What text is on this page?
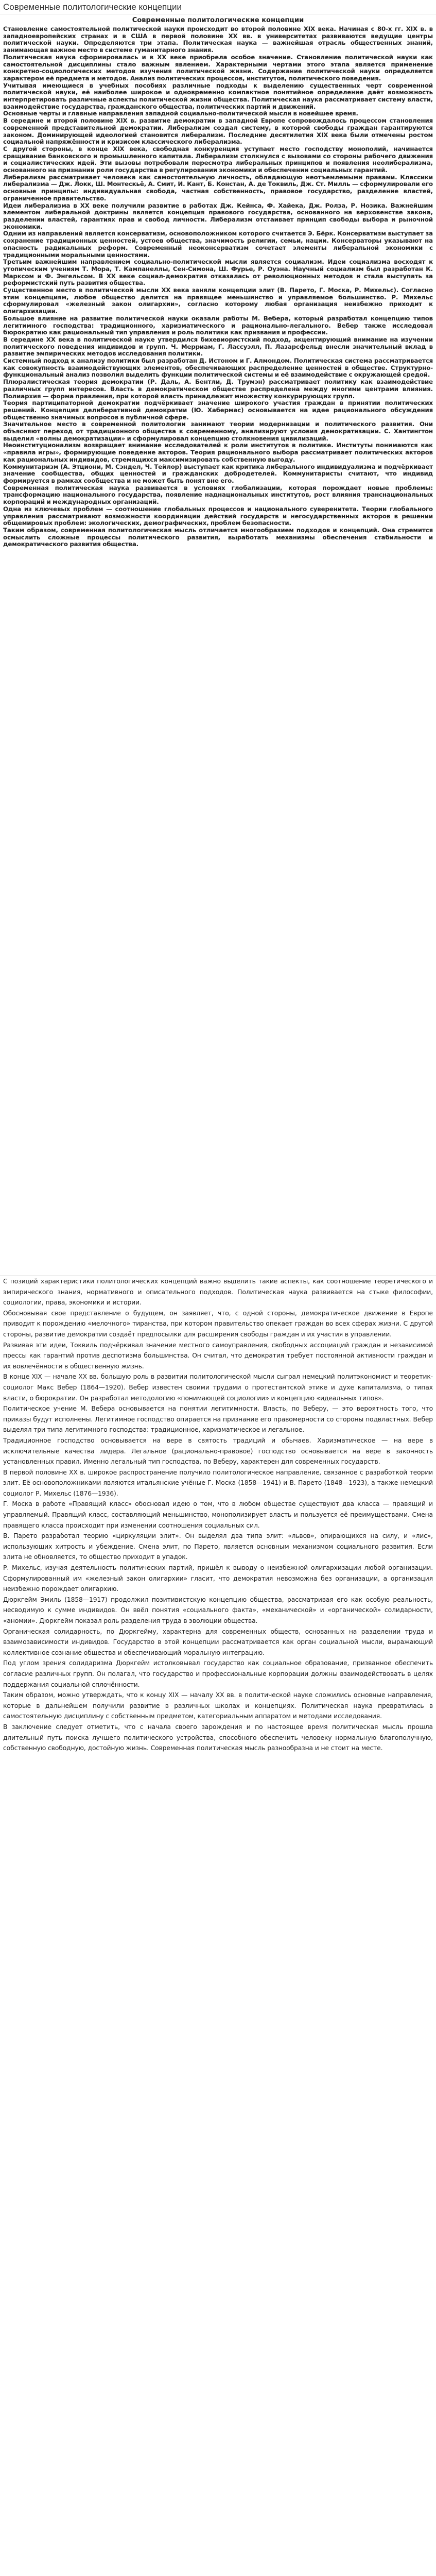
Современные политологические концепции
Современные политологические концепции

Становление самостоятельной политической науки происходит во второй половине XIX века. Начиная с 80-х гг. XIX в. в западноевропейских странах и в США в первой половине XX вв. в университетах развиваются ведущие центры политической науки. Определяются три этапа. Политическая наука — важнейшая отрасль общественных знаний, занимающая важное место в системе гуманитарного знания.

Политическая наука сформировалась и в XX веке приобрела особое значение. Становление политической науки как самостоятельной дисциплины стало важным явлением. Характерными чертами этого этапа является применение конкретно-социологических методов изучения политической жизни. Содержание политической науки определяется характером её предмета и методов. Анализ политических процессов, институтов, политического поведения.

Учитывая имеющиеся в учебных пособиях различные подходы к выделению существенных черт современной политической науки, её наиболее широкое и одновременно компактное понятийное определение даёт возможность интерпретировать различные аспекты политической жизни общества. Политическая наука рассматривает систему власти, взаимодействие государства, гражданского общества, политических партий и движений.

Основные черты и главные направления западной социально-политической мысли в новейшее время.

В середине и второй половине XIX в. развитие демократии в западной Европе сопровождалось процессом становления современной представительной демократии. Либерализм создал систему, в которой свободы граждан гарантируются законом. Доминирующей идеологией становится либерализм. Последние десятилетия XIX века были отмечены ростом социальной напряжённости и кризисом классического либерализма.

С другой стороны, в конце XIX века, свободная конкуренция уступает место господству монополий, начинается сращивание банковского и промышленного капитала. Либерализм столкнулся с вызовами со стороны рабочего движения и социалистических идей. Эти вызовы потребовали пересмотра либеральных принципов и появления неолиберализма, основанного на признании роли государства в регулировании экономики и обеспечении социальных гарантий.

Либерализм рассматривает человека как самостоятельную личность, обладающую неотъемлемыми правами. Классики либерализма — Дж. Локк, Ш. Монтескьё, А. Смит, И. Кант, Б. Констан, А. де Токвиль, Дж. Ст. Милль — сформулировали его основные принципы: индивидуальная свобода, частная собственность, правовое государство, разделение властей, ограниченное правительство.

Идеи либерализма в XX веке получили развитие в работах Дж. Кейнса, Ф. Хайека, Дж. Ролза, Р. Нозика. Важнейшим элементом либеральной доктрины является концепция правового государства, основанного на верховенстве закона, разделении властей, гарантиях прав и свобод личности. Либерализм отстаивает принцип свободы выбора и рыночной экономики.

Одним из направлений является консерватизм, основоположником которого считается Э. Бёрк. Консерватизм выступает за сохранение традиционных ценностей, устоев общества, значимость религии, семьи, нации. Консерваторы указывают на опасность радикальных реформ. Современный неоконсерватизм сочетает элементы либеральной экономики с традиционными моральными ценностями.

Третьим важнейшим направлением социально-политической мысли является социализм. Идеи социализма восходят к утопическим учениям Т. Мора, Т. Кампанеллы, Сен-Симона, Ш. Фурье, Р. Оуэна. Научный социализм был разработан К. Марксом и Ф. Энгельсом. В XX веке социал-демократия отказалась от революционных методов и стала выступать за реформистский путь развития общества.

Существенное место в политической мысли XX века заняли концепции элит (В. Парето, Г. Моска, Р. Михельс). Согласно этим концепциям, любое общество делится на правящее меньшинство и управляемое большинство. Р. Михельс сформулировал «железный закон олигархии», согласно которому любая организация неизбежно приходит к олигархизации.

Большое влияние на развитие политической науки оказали работы М. Вебера, который разработал концепцию типов легитимного господства: традиционного, харизматического и рационально-легального. Вебер также исследовал бюрократию как рациональный тип управления и роль политики как призвания и профессии.

В середине XX века в политической науке утвердился бихевиористский подход, акцентирующий внимание на изучении политического поведения индивидов и групп. Ч. Мерриам, Г. Лассуэлл, П. Лазарсфельд внесли значительный вклад в развитие эмпирических методов исследования политики.

Системный подход к анализу политики был разработан Д. Истоном и Г. Алмондом. Политическая система рассматривается как совокупность взаимодействующих элементов, обеспечивающих распределение ценностей в обществе. Структурно-функциональный анализ позволил выделить функции политической системы и её взаимодействие с окружающей средой.

Плюралистическая теория демократии (Р. Даль, А. Бентли, Д. Трумэн) рассматривает политику как взаимодействие различных групп интересов. Власть в демократическом обществе распределена между многими центрами влияния. Полиархия — форма правления, при которой власть принадлежит множеству конкурирующих групп.

Теория партиципаторной демократии подчёркивает значение широкого участия граждан в принятии политических решений. Концепция делиберативной демократии (Ю. Хабермас) основывается на идее рационального обсуждения общественно значимых вопросов в публичной сфере.

Значительное место в современной политологии занимают теории модернизации и политического развития. Они объясняют переход от традиционного общества к современному, анализируют условия демократизации. С. Хантингтон выделил «волны демократизации» и сформулировал концепцию столкновения цивилизаций.

Неоинституционализм возвращает внимание исследователей к роли институтов в политике. Институты понимаются как «правила игры», формирующие поведение акторов. Теория рационального выбора рассматривает политических акторов как рациональных индивидов, стремящихся максимизировать собственную выгоду.

Коммунитаризм (А. Этциони, М. Сэндел, Ч. Тейлор) выступает как критика либерального индивидуализма и подчёркивает значение сообщества, общих ценностей и гражданских добродетелей. Коммунитаристы считают, что индивид формируется в рамках сообщества и не может быть понят вне его.

Современная политическая наука развивается в условиях глобализации, которая порождает новые проблемы: трансформацию национального государства, появление наднациональных институтов, рост влияния транснациональных корпораций и международных организаций.

Одна из ключевых проблем — соотношение глобальных процессов и национального суверенитета. Теории глобального управления рассматривают возможности координации действий государств и негосударственных акторов в решении общемировых проблем: экологических, демографических, проблем безопасности.

Таким образом, современная политологическая мысль отличается многообразием подходов и концепций. Она стремится осмыслить сложные процессы политического развития, выработать механизмы обеспечения стабильности и демократического развития общества.

С позиций характеристики политологических концепций важно выделить такие аспекты, как соотношение теоретического и эмпирического знания, нормативного и описательного подходов. Политическая наука развивается на стыке философии, социологии, права, экономики и истории.

Обосновывая свое представление о будущем, он заявляет, что, с одной стороны, демократическое движение в Европе приводит к порождению «мелочного» тиранства, при котором правительство опекает граждан во всех сферах жизни. С другой стороны, развитие демократии создаёт предпосылки для расширения свободы граждан и их участия в управлении.

Развивая эти идеи, Токвиль подчёркивал значение местного самоуправления, свободных ассоциаций граждан и независимой прессы как гарантий против деспотизма большинства. Он считал, что демократия требует постоянной активности граждан и их вовлечённости в общественную жизнь.

В конце XIX — начале XX вв. большую роль в развитии политологической мысли сыграл немецкий политэкономист и теоретик-социолог Макс Вебер (1864—1920). Вебер известен своими трудами о протестантской этике и духе капитализма, о типах власти, о бюрократии. Он разработал методологию «понимающей социологии» и концепцию «идеальных типов».

Политическое учение М. Вебера основывается на понятии легитимности. Власть, по Веберу, — это вероятность того, что приказы будут исполнены. Легитимное господство опирается на признание его правомерности со стороны подвластных. Вебер выделял три типа легитимного господства: традиционное, харизматическое и легальное.

Традиционное господство основывается на вере в святость традиций и обычаев. Харизматическое — на вере в исключительные качества лидера. Легальное (рационально-правовое) господство основывается на вере в законность установленных правил. Именно легальный тип господства, по Веберу, характерен для современных государств.

В первой половине XX в. широкое распространение получило политологическое направление, связанное с разработкой теории элит. Её основоположниками являются итальянские учёные Г. Моска (1858—1941) и В. Парето (1848—1923), а также немецкий социолог Р. Михельс (1876—1936).

Г. Моска в работе «Правящий класс» обосновал идею о том, что в любом обществе существуют два класса — правящий и управляемый. Правящий класс, составляющий меньшинство, монополизирует власть и пользуется её преимуществами. Смена правящего класса происходит при изменении соотношения социальных сил.

В. Парето разработал теорию «циркуляции элит». Он выделял два типа элит: «львов», опирающихся на силу, и «лис», использующих хитрость и убеждение. Смена элит, по Парето, является основным механизмом социального развития. Если элита не обновляется, то общество приходит в упадок.

Р. Михельс, изучая деятельность политических партий, пришёл к выводу о неизбежной олигархизации любой организации. Сформулированный им «железный закон олигархии» гласит, что демократия невозможна без организации, а организация неизбежно порождает олигархию.

Дюркгейм Эмиль (1858—1917) продолжил позитивистскую концепцию общества, рассматривая его как особую реальность, несводимую к сумме индивидов. Он ввёл понятия «социального факта», «механической» и «органической» солидарности, «аномии». Дюркгейм показал роль разделения труда в эволюции общества.

Органическая солидарность, по Дюркгейму, характерна для современных обществ, основанных на разделении труда и взаимозависимости индивидов. Государство в этой концепции рассматривается как орган социальной мысли, выражающий коллективное сознание общества и обеспечивающий моральную интеграцию.

Под углом зрения солидаризма Дюркгейм истолковывал государство как социальное образование, призванное обеспечить согласие различных групп. Он полагал, что государство и профессиональные корпорации должны взаимодействовать в целях поддержания социальной сплочённости.

Таким образом, можно утверждать, что к концу XIX — началу XX вв. в политической науке сложились основные направления, которые в дальнейшем получили развитие в различных школах и концепциях. Политическая наука превратилась в самостоятельную дисциплину с собственным предметом, категориальным аппаратом и методами исследования.

В заключение следует отметить, что с начала своего зарождения и по настоящее время политическая мысль прошла длительный путь поиска лучшего политического устройства, способного обеспечить человеку нормальную благополучную, собственную свободную, достойную жизнь. Современная политическая мысль разнообразна и не стоит на месте.
